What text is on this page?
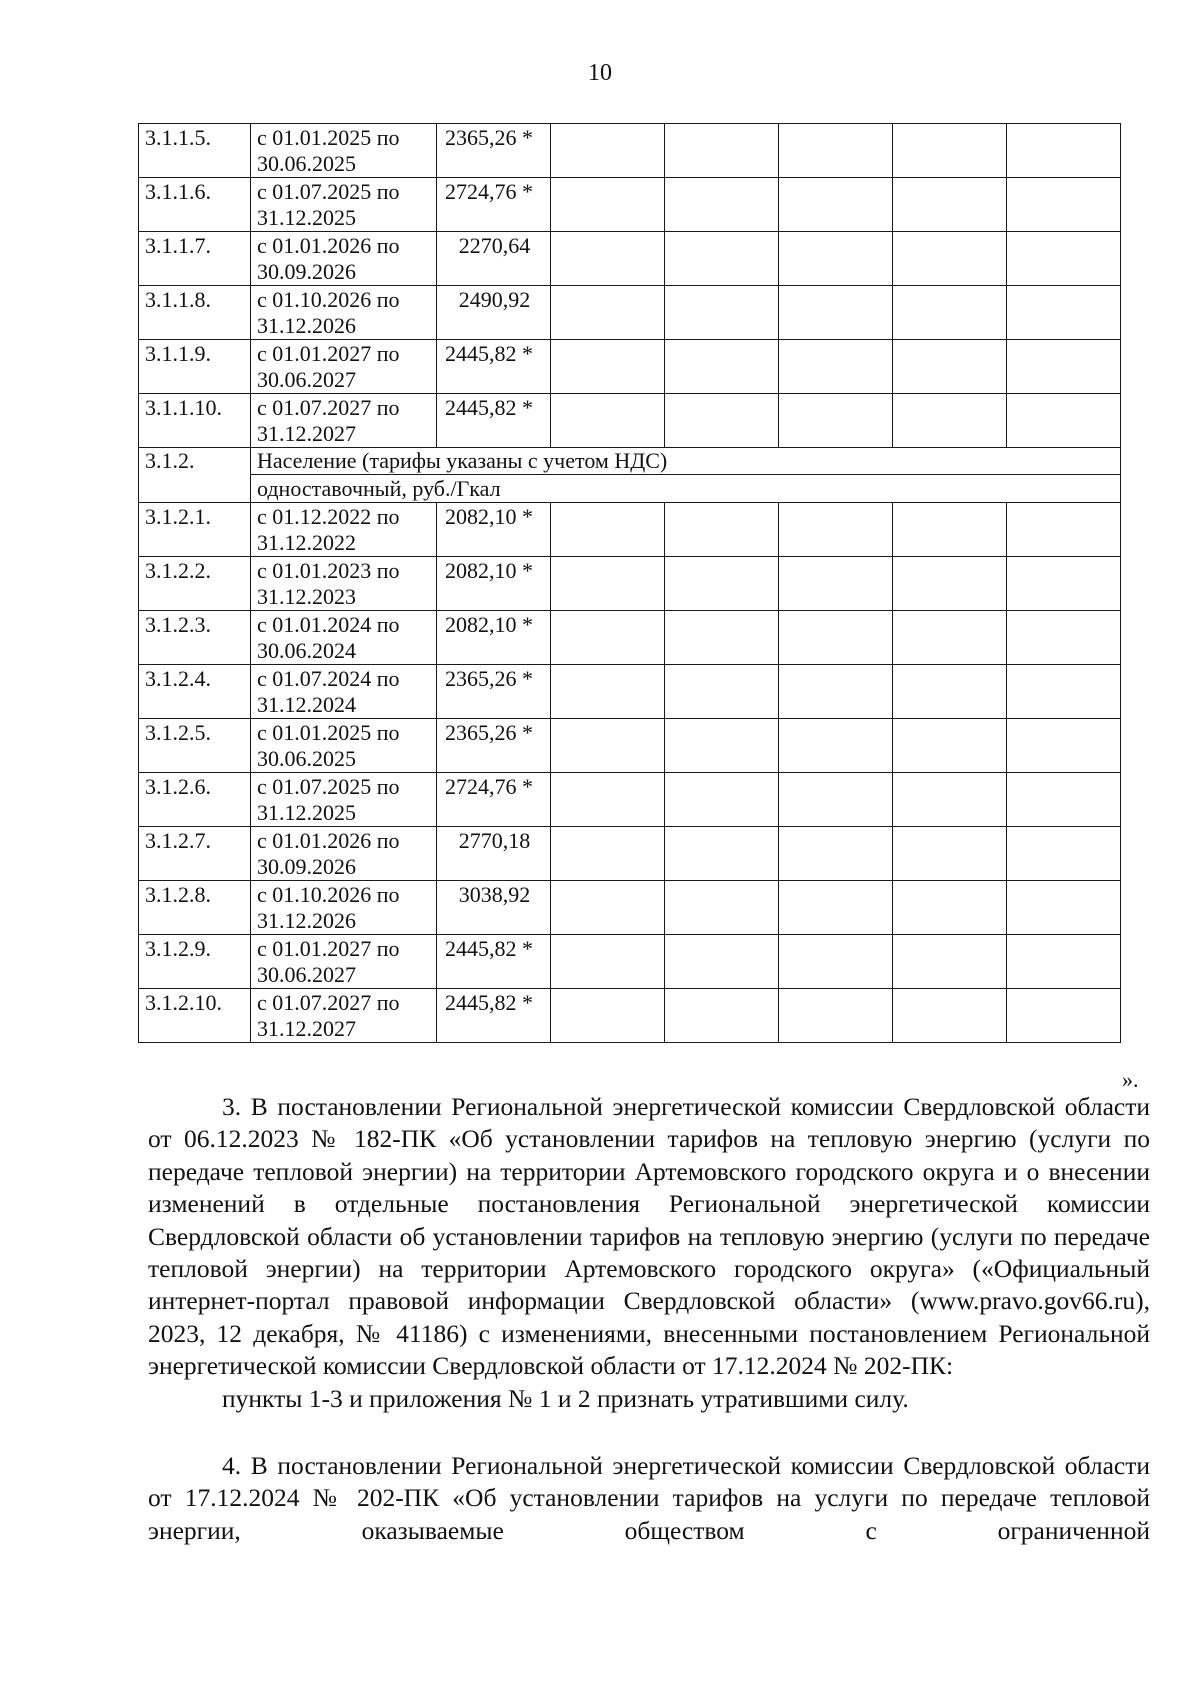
10
3.1.1.5.	с 01.01.2025 по 30.06.2025	2365,26 *					
3.1.1.6.	с 01.07.2025 по 31.12.2025	2724,76 *					
3.1.1.7.	с 01.01.2026 по 30.09.2026	2270,64					
3.1.1.8.	с 01.10.2026 по 31.12.2026	2490,92					
3.1.1.9.	с 01.01.2027 по 30.06.2027	2445,82 *					
3.1.1.10.	с 01.07.2027 по 31.12.2027	2445,82 *					
3.1.2.	Население (тарифы указаны с учетом НДС)						
	одноставочный, руб./Гкал						
3.1.2.1.	с 01.12.2022 по 31.12.2022	2082,10 *					
3.1.2.2.	с 01.01.2023 по 31.12.2023	2082,10 *					
3.1.2.3.	с 01.01.2024 по 30.06.2024	2082,10 *					
3.1.2.4.	с 01.07.2024 по 31.12.2024	2365,26 *					
3.1.2.5.	с 01.01.2025 по 30.06.2025	2365,26 *					
3.1.2.6.	с 01.07.2025 по 31.12.2025	2724,76 *					
3.1.2.7.	с 01.01.2026 по 30.09.2026	2770,18					
3.1.2.8.	с 01.10.2026 по 31.12.2026	3038,92					
3.1.2.9.	с 01.01.2027 по 30.06.2027	2445,82 *					
3.1.2.10.	с 01.07.2027 по 31.12.2027	2445,82 *					
».

3. В постановлении Региональной энергетической комиссии Свердловской области от 06.12.2023 № 182-ПК «Об установлении тарифов на тепловую энергию (услуги по передаче тепловой энергии) на территории Артемовского городского округа и о внесении изменений в отдельные постановления Региональной энергетической комиссии Свердловской области об установлении тарифов на тепловую энергию (услуги по передаче тепловой энергии) на территории Артемовского городского округа» («Официальный интернет-портал правовой информации Свердловской области» (www.pravo.gov66.ru), 2023, 12 декабря, № 41186) с изменениями, внесенными постановлением Региональной энергетической комиссии Свердловской области от 17.12.2024 № 202-ПК:

пункты 1-3 и приложения № 1 и 2 признать утратившими силу.

4. В постановлении Региональной энергетической комиссии Свердловской области от 17.12.2024 № 202-ПК «Об установлении тарифов на услуги по передаче тепловой энергии, оказываемые обществом с ограниченной
